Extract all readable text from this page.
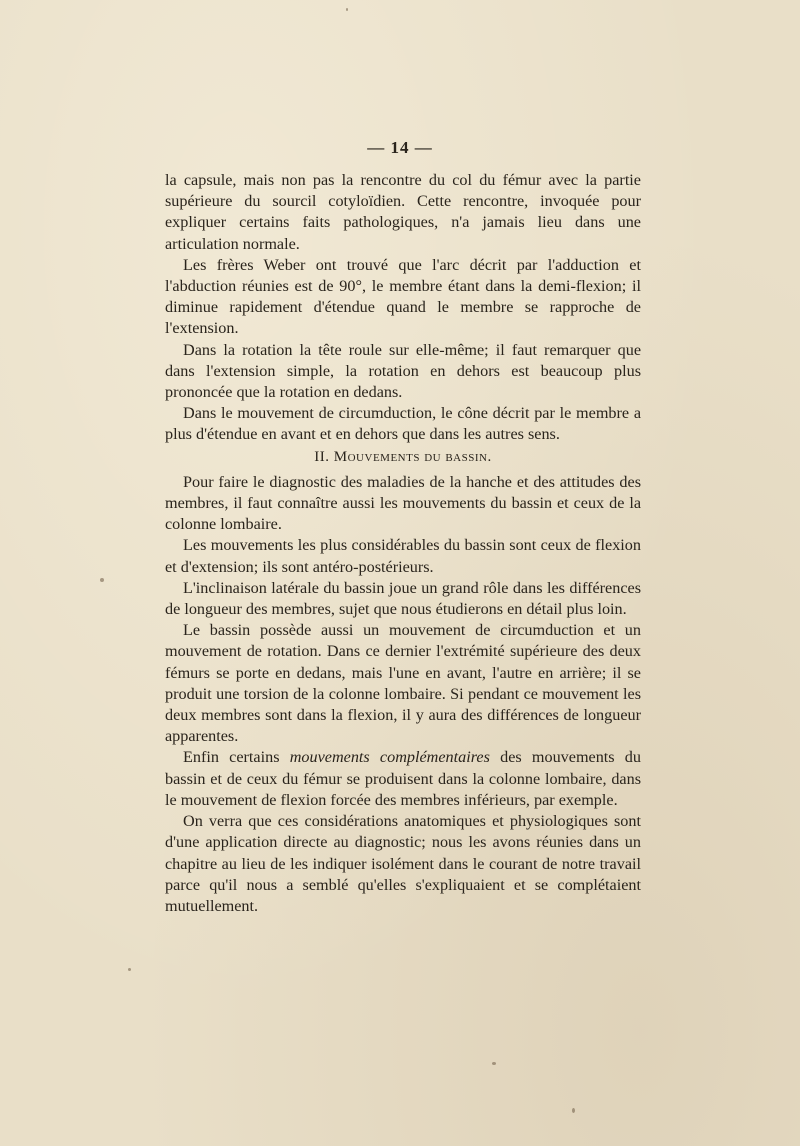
— 14 —

la capsule, mais non pas la rencontre du col du fémur avec la partie supérieure du sourcil cotyloïdien. Cette rencontre, invoquée pour expliquer certains faits pathologiques, n'a jamais lieu dans une articulation normale.

Les frères Weber ont trouvé que l'arc décrit par l'adduction et l'abduction réunies est de 90°, le membre étant dans la demi-flexion; il diminue rapidement d'étendue quand le membre se rapproche de l'extension.

Dans la rotation la tête roule sur elle-même; il faut remarquer que dans l'extension simple, la rotation en dehors est beaucoup plus prononcée que la rotation en dedans.

Dans le mouvement de circumduction, le cône décrit par le membre a plus d'étendue en avant et en dehors que dans les autres sens.

II. Mouvements du bassin.

Pour faire le diagnostic des maladies de la hanche et des attitudes des membres, il faut connaître aussi les mouvements du bassin et ceux de la colonne lombaire.

Les mouvements les plus considérables du bassin sont ceux de flexion et d'extension; ils sont antéro-postérieurs.

L'inclinaison latérale du bassin joue un grand rôle dans les différences de longueur des membres, sujet que nous étudierons en détail plus loin.

Le bassin possède aussi un mouvement de circumduction et un mouvement de rotation. Dans ce dernier l'extrémité supérieure des deux fémurs se porte en dedans, mais l'une en avant, l'autre en arrière; il se produit une torsion de la colonne lombaire. Si pendant ce mouvement les deux membres sont dans la flexion, il y aura des différences de longueur apparentes.

Enfin certains mouvements complémentaires des mouvements du bassin et de ceux du fémur se produisent dans la colonne lombaire, dans le mouvement de flexion forcée des membres inférieurs, par exemple.

On verra que ces considérations anatomiques et physiologiques sont d'une application directe au diagnostic; nous les avons réunies dans un chapitre au lieu de les indiquer isolément dans le courant de notre travail parce qu'il nous a semblé qu'elles s'expliquaient et se complétaient mutuellement.
